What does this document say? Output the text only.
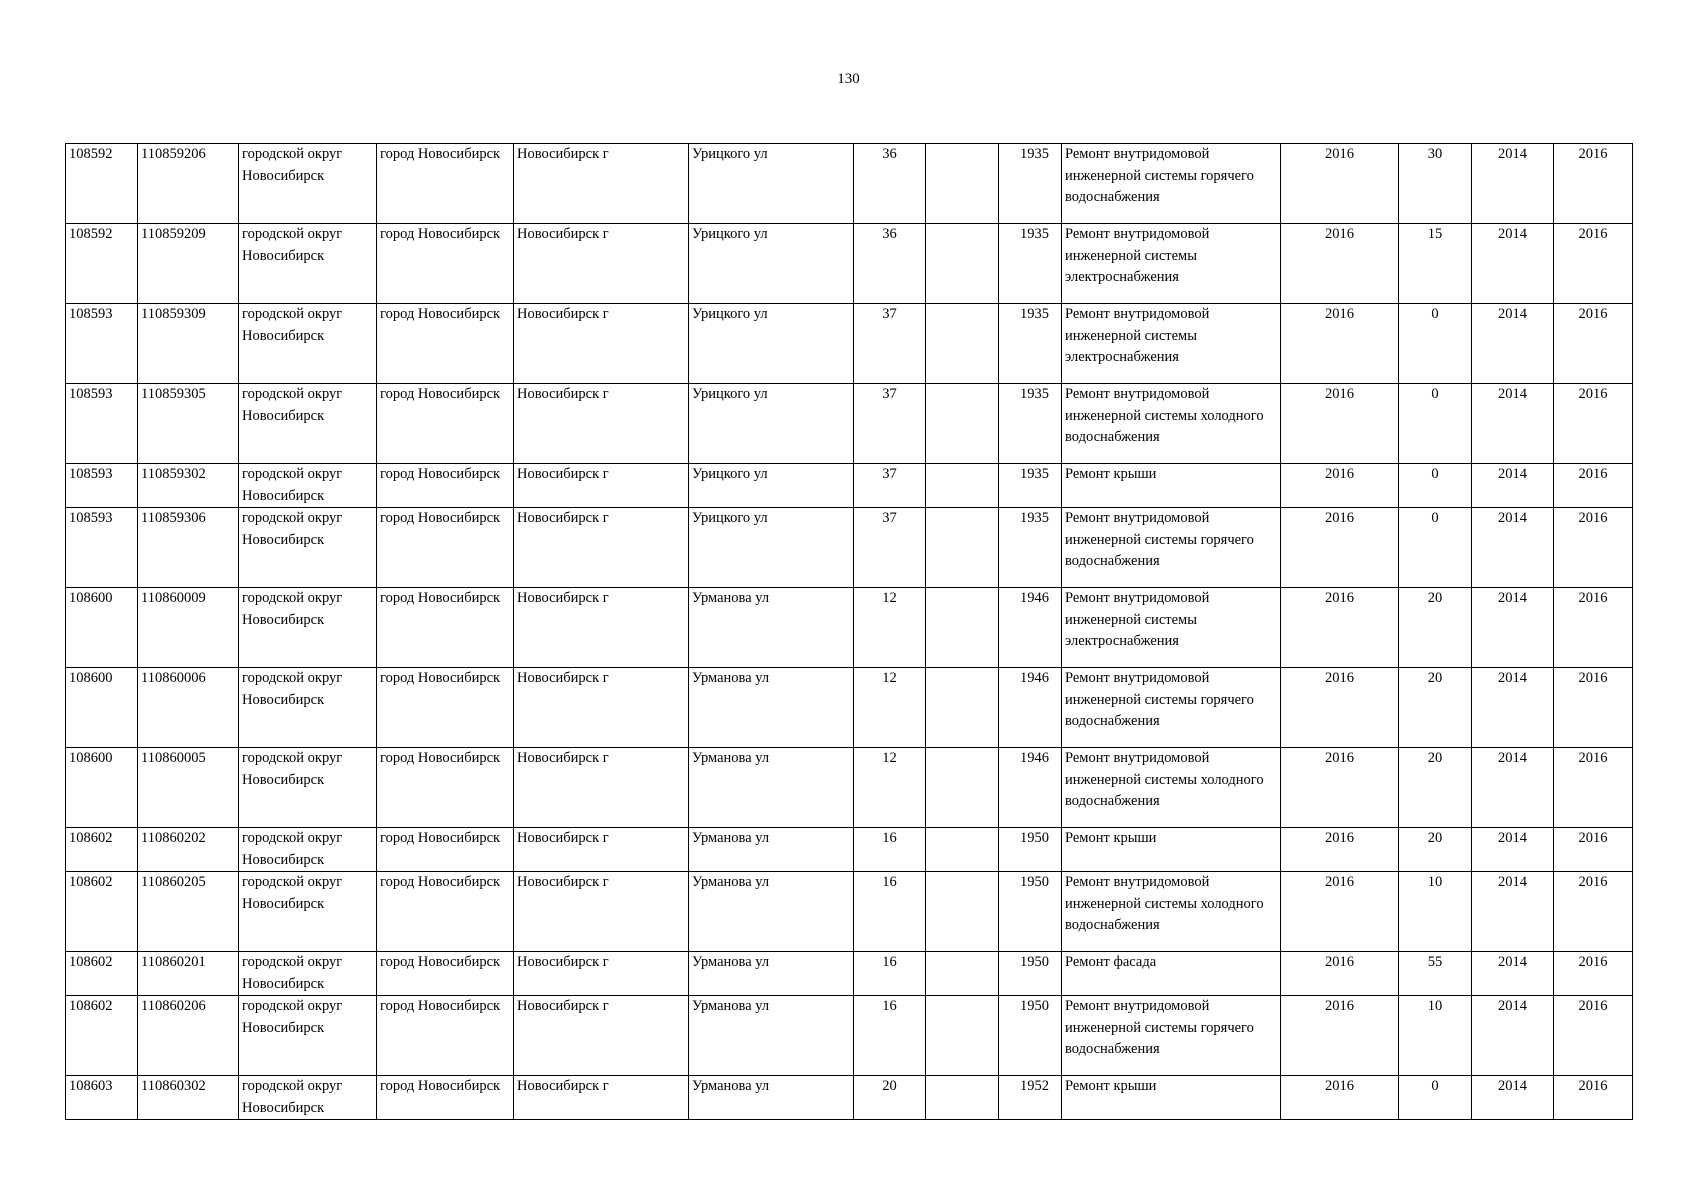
130
108592	110859206	городской округ Новосибирск	город Новосибирск	Новосибирск г	Урицкого ул	36		1935	Ремонт внутридомовой инженерной системы горячего водоснабжения	2016	30	2014	2016
108592	110859209	городской округ Новосибирск	город Новосибирск	Новосибирск г	Урицкого ул	36		1935	Ремонт внутридомовой инженерной системы электроснабжения	2016	15	2014	2016
108593	110859309	городской округ Новосибирск	город Новосибирск	Новосибирск г	Урицкого ул	37		1935	Ремонт внутридомовой инженерной системы электроснабжения	2016	0	2014	2016
108593	110859305	городской округ Новосибирск	город Новосибирск	Новосибирск г	Урицкого ул	37		1935	Ремонт внутридомовой инженерной системы холодного водоснабжения	2016	0	2014	2016
108593	110859302	городской округ Новосибирск	город Новосибирск	Новосибирск г	Урицкого ул	37		1935	Ремонт крыши	2016	0	2014	2016
108593	110859306	городской округ Новосибирск	город Новосибирск	Новосибирск г	Урицкого ул	37		1935	Ремонт внутридомовой инженерной системы горячего водоснабжения	2016	0	2014	2016
108600	110860009	городской округ Новосибирск	город Новосибирск	Новосибирск г	Урманова ул	12		1946	Ремонт внутридомовой инженерной системы электроснабжения	2016	20	2014	2016
108600	110860006	городской округ Новосибирск	город Новосибирск	Новосибирск г	Урманова ул	12		1946	Ремонт внутридомовой инженерной системы горячего водоснабжения	2016	20	2014	2016
108600	110860005	городской округ Новосибирск	город Новосибирск	Новосибирск г	Урманова ул	12		1946	Ремонт внутридомовой инженерной системы холодного водоснабжения	2016	20	2014	2016
108602	110860202	городской округ Новосибирск	город Новосибирск	Новосибирск г	Урманова ул	16		1950	Ремонт крыши	2016	20	2014	2016
108602	110860205	городской округ Новосибирск	город Новосибирск	Новосибирск г	Урманова ул	16		1950	Ремонт внутридомовой инженерной системы холодного водоснабжения	2016	10	2014	2016
108602	110860201	городской округ Новосибирск	город Новосибирск	Новосибирск г	Урманова ул	16		1950	Ремонт фасада	2016	55	2014	2016
108602	110860206	городской округ Новосибирск	город Новосибирск	Новосибирск г	Урманова ул	16		1950	Ремонт внутридомовой инженерной системы горячего водоснабжения	2016	10	2014	2016
108603	110860302	городской округ Новосибирск	город Новосибирск	Новосибирск г	Урманова ул	20		1952	Ремонт крыши	2016	0	2014	2016
